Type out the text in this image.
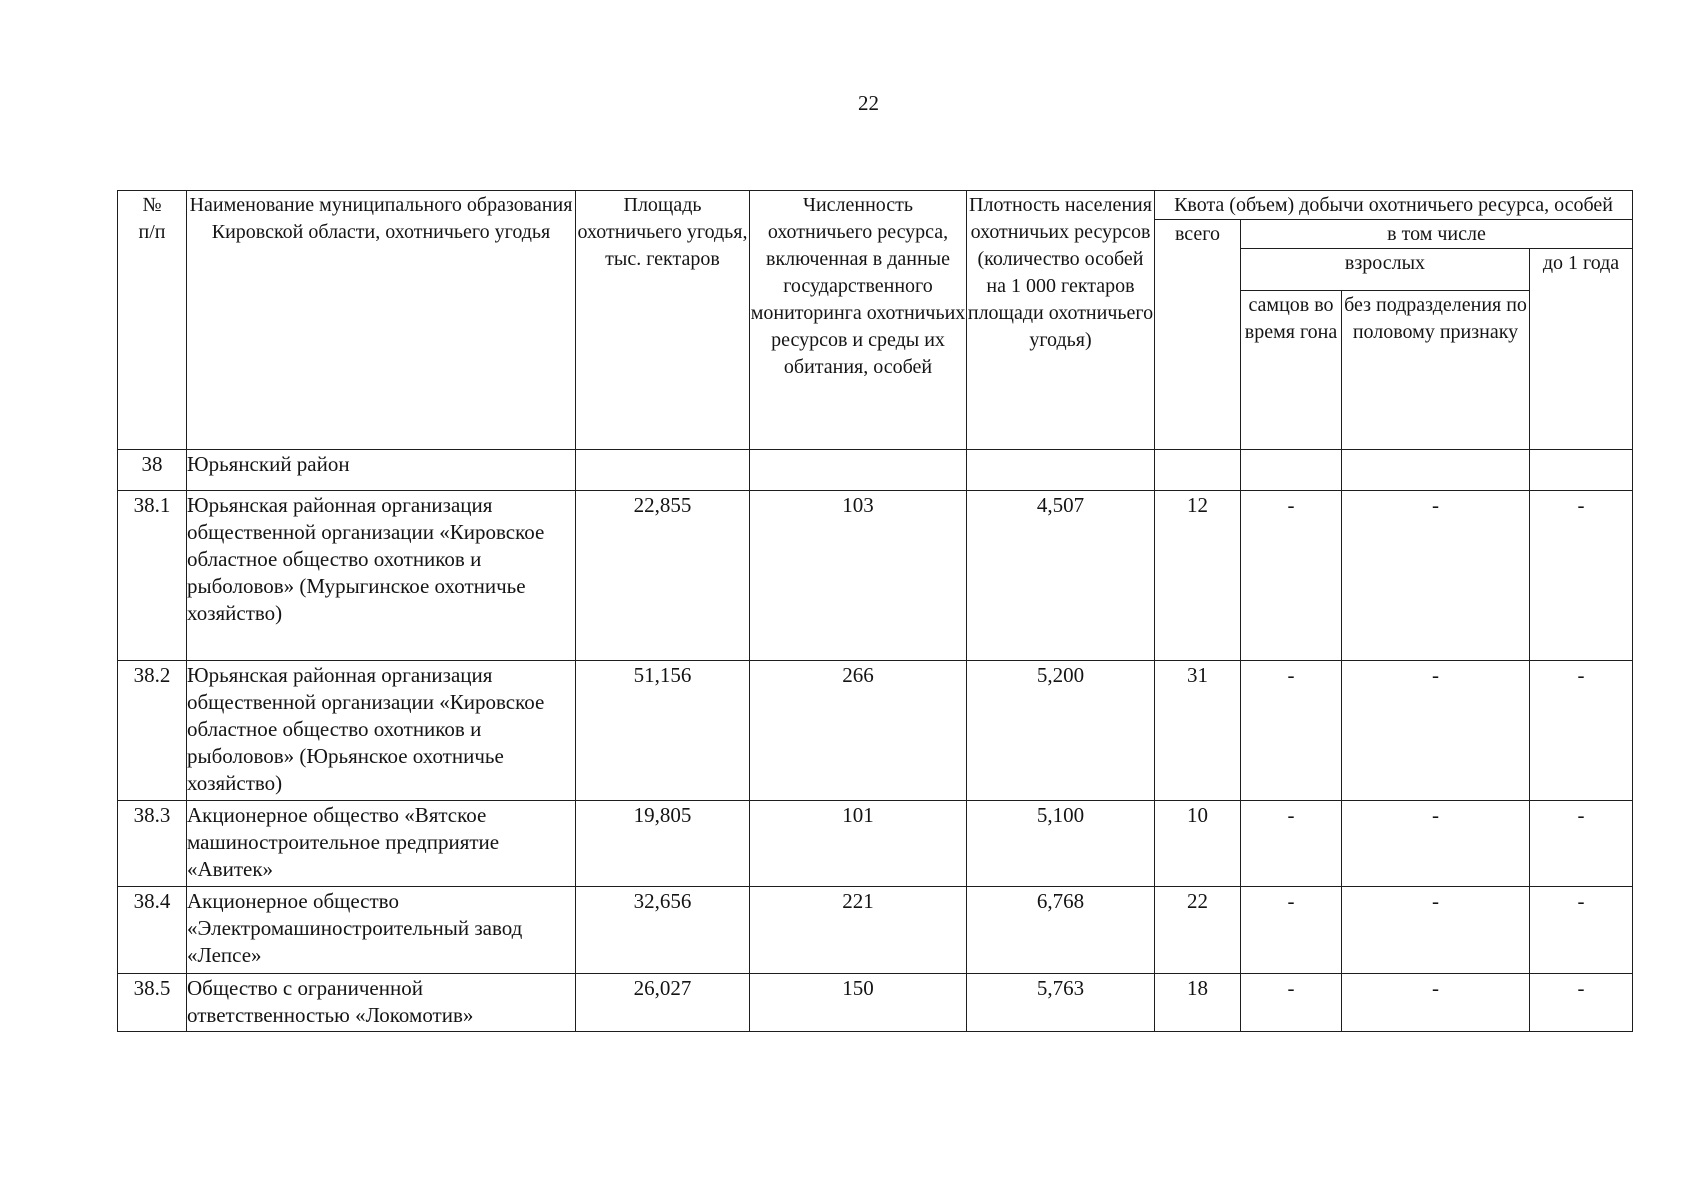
22
№
п/п	Наименование муниципального образования Кировской области, охотничьего угодья	Площадь охотничьего угодья, тыс. гектаров	Численность охотничьего ресурса, включенная в данные государственного мониторинга охотничьих ресурсов и среды их обитания, особей	Плотность населения охотничьих ресурсов (количество особей на 1 000 гектаров площади охотничьего угодья)	Квота (объем) добычи охотничьего ресурса, особей			
					всего	в том числе		
						взрослых		до 1 года
						самцов во время гона	без подразделения по половому признаку	
38	Юрьянский район							
38.1	Юрьянская районная организация общественной организации «Кировское областное общество охотников и рыболовов» (Мурыгинское охотничье хозяйство)	22,855	103	4,507	12	-	-	-
38.2	Юрьянская районная организация общественной организации «Кировское областное общество охотников и рыболовов» (Юрьянское охотничье хозяйство)	51,156	266	5,200	31	-	-	-
38.3	Акционерное общество «Вятское машиностроительное предприятие «Авитек»	19,805	101	5,100	10	-	-	-
38.4	Акционерное общество «Электромашиностроительный завод «Лепсе»	32,656	221	6,768	22	-	-	-
38.5	Общество с ограниченной ответственностью «Локомотив»	26,027	150	5,763	18	-	-	-
